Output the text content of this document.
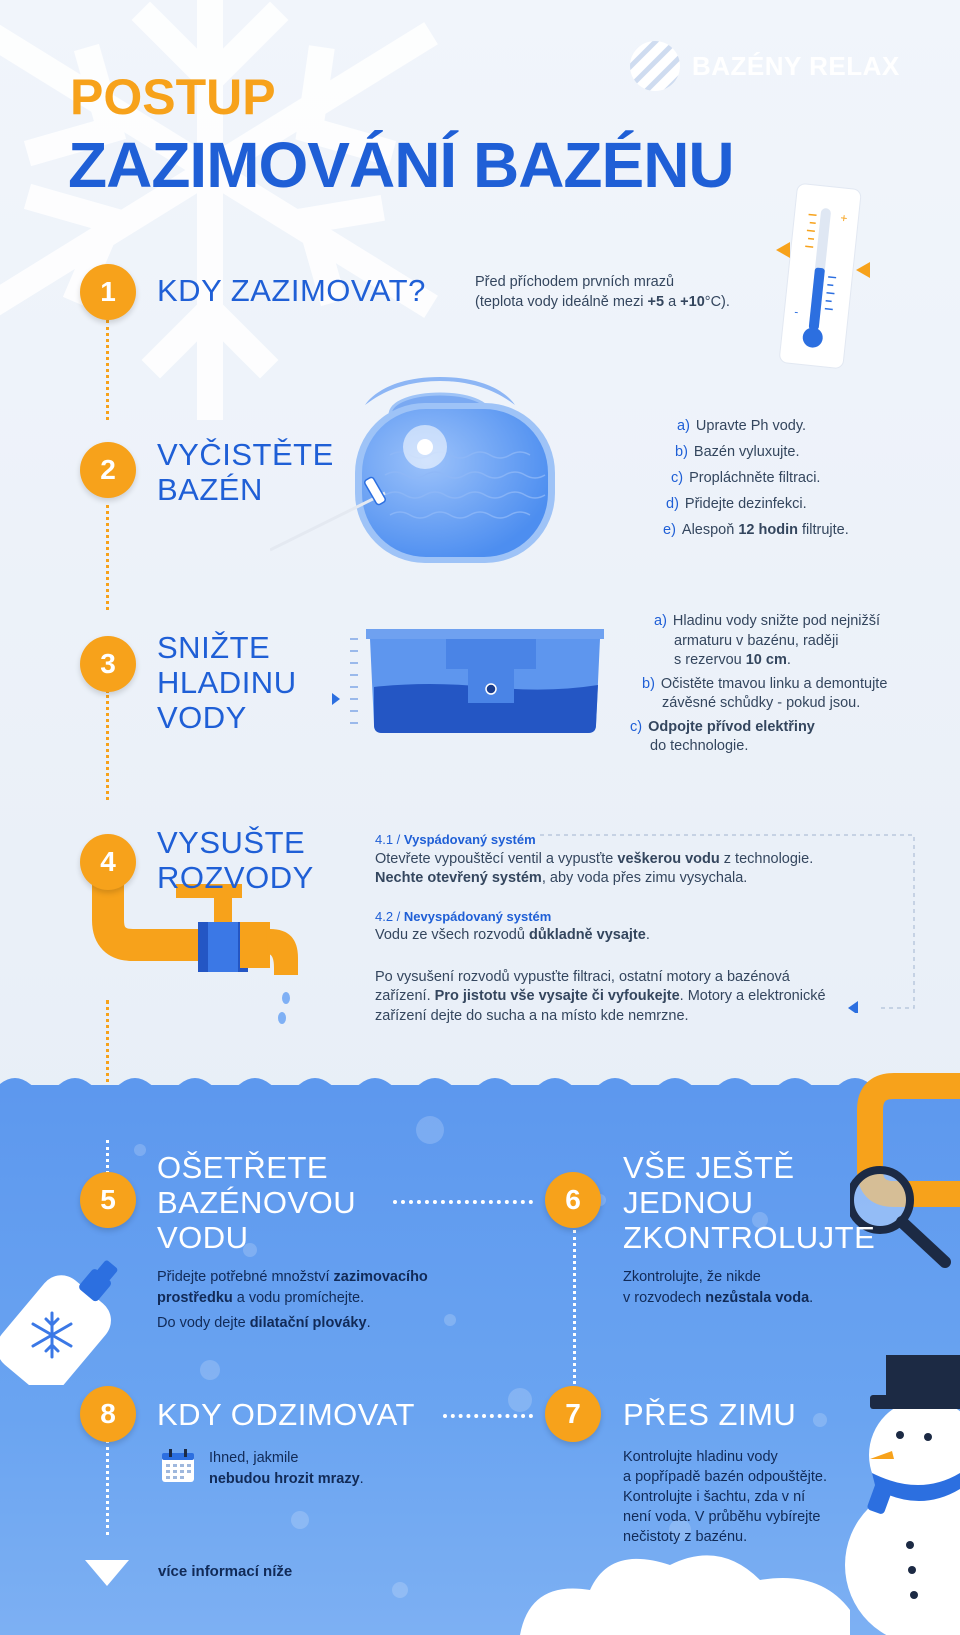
BAZÉNY RELAX
POSTUP
ZAZIMOVÁNÍ BAZÉNU
+
-
1	KDY ZAZIMOVAT?	Před příchodem prvních mrazů
(teplota vody ideálně mezi +5 a +10°C).
2	VYČISTĚTE
BAZÉN
a) Upravte Ph vody.
b) Bazén vyluxujte.
c) Propláchněte filtraci.
d) Přidejte dezinfekci.
e) Alespoň 12 hodin filtrujte.
3	SNIŽTE
HLADINU
VODY
a) Hladinu vody snižte pod nejnižší
armaturu v bazénu, raději
s rezervou 10 cm.
b) Očistěte tmavou linku a demontujte
závěsné schůdky - pokud jsou.
c) Odpojte přívod elektřiny
do technologie.
4
VYSUŠTE
ROZVODY
4.1 / Vyspádovaný systém
Otevřete vypouštěcí ventil a vypusťte veškerou vodu z technologie.
Nechte otevřený systém, aby voda přes zimu vysychala.
4.2 / Nevyspádovaný systém
Vodu ze všech rozvodů důkladně vysajte.
Po vysušení rozvodů vypusťte filtraci, ostatní motory a bazénová
zařízení. Pro jistotu vše vysajte či vyfoukejte. Motory a elektronické
zařízení dejte do sucha a na místo kde nemrzne.
5
OŠETŘETE
BAZÉNOVOU
VODU
Přidejte potřebné množství zazimovacího
prostředku a vodu promíchejte.
Do vody dejte dilatační plováky.
6
VŠE JEŠTĚ
JEDNOU
ZKONTROLUJTE
Zkontrolujte, že nikde
v rozvodech nezůstala voda.
8	KDY ODZIMOVAT
Ihned, jakmile
nebudou hrozit mrazy.
7	PŘES ZIMU
Kontrolujte hladinu vody
a popřípadě bazén odpouštějte.
Kontrolujte i šachtu, zda v ní
není voda. V průběhu vybírejte
nečistoty z bazénu.
více informací níže
